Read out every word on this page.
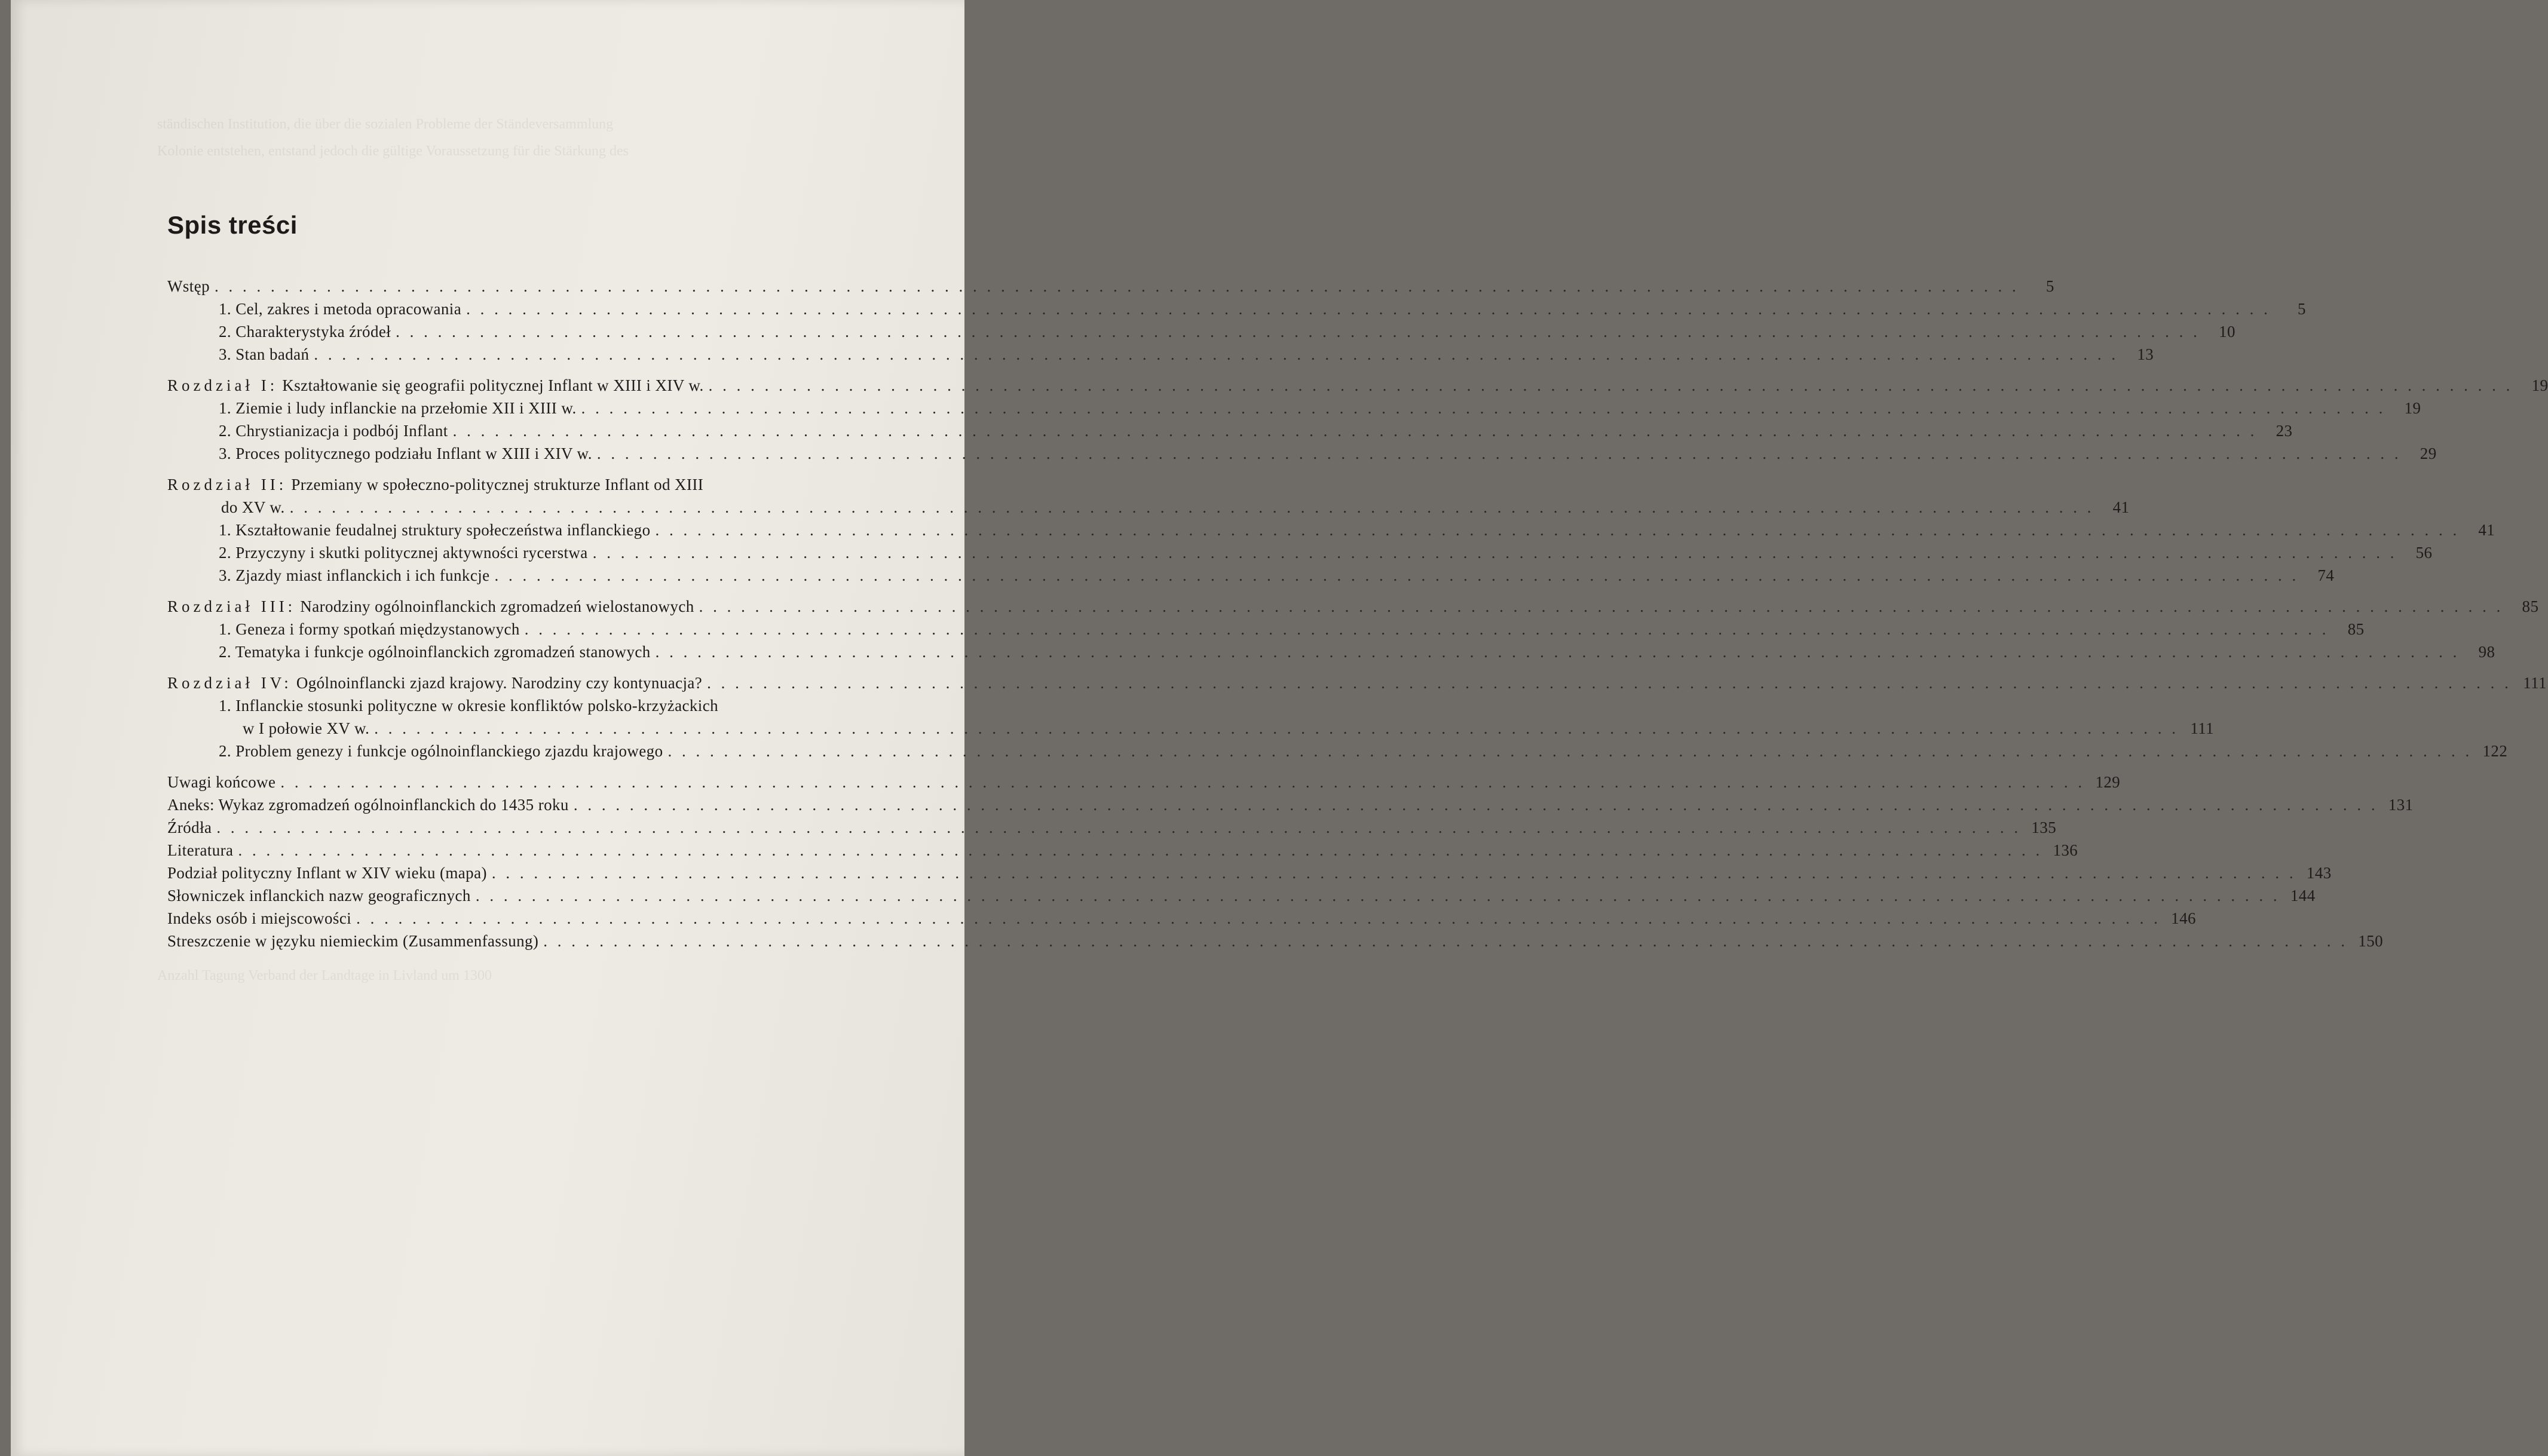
ständischen Institution, die über die sozialen Probleme der Ständeversammlung
Kolonie entstehen, entstand jedoch die gültige Voraussetzung für die Stärkung des
Anzahl Tagung Verband der Landtage in Livland um 1300
Spis treści
Wstęp . . .	5
1. Cel, zakres i metoda opracowania . . .	5
2. Charakterystyka źródeł . . .	10
3. Stan badań . . .	13
Rozdział I: Kształtowanie się geografii politycznej Inflant w XIII i XIV w. . . .	19
1. Ziemie i ludy inflanckie na przełomie XII i XIII w. . . .	19
2. Chrystianizacja i podbój Inflant . . .	23
3. Proces politycznego podziału Inflant w XIII i XIV w. . . .	29
Rozdział II: Przemiany w społeczno-politycznej strukturze Inflant od XIII
do XV w. . . .	41
1. Kształtowanie feudalnej struktury społeczeństwa inflanckiego . . .	41
2. Przyczyny i skutki politycznej aktywności rycerstwa . . .	56
3. Zjazdy miast inflanckich i ich funkcje . . .	74
Rozdział III: Narodziny ogólnoinflanckich zgromadzeń wielostanowych . . .	85
1. Geneza i formy spotkań międzystanowych . . .	85
2. Tematyka i funkcje ogólnoinflanckich zgromadzeń stanowych . . .	98
Rozdział IV: Ogólnoinflancki zjazd krajowy. Narodziny czy kontynuacja? . . .	111
1. Inflanckie stosunki polityczne w okresie konfliktów polsko-krzyżackich
w I połowie XV w. . . .	111
2. Problem genezy i funkcje ogólnoinflanckiego zjazdu krajowego . . .	122
Uwagi końcowe . . .	129
Aneks: Wykaz zgromadzeń ogólnoinflanckich do 1435 roku . . .	131
Źródła . . .	135
Literatura . . .	136
Podział polityczny Inflant w XIV wieku (mapa) . . .	143
Słowniczek inflanckich nazw geograficznych . . .	144
Indeks osób i miejscowości . . .	146
Streszczenie w języku niemieckim (Zusammenfassung) . . .	150
